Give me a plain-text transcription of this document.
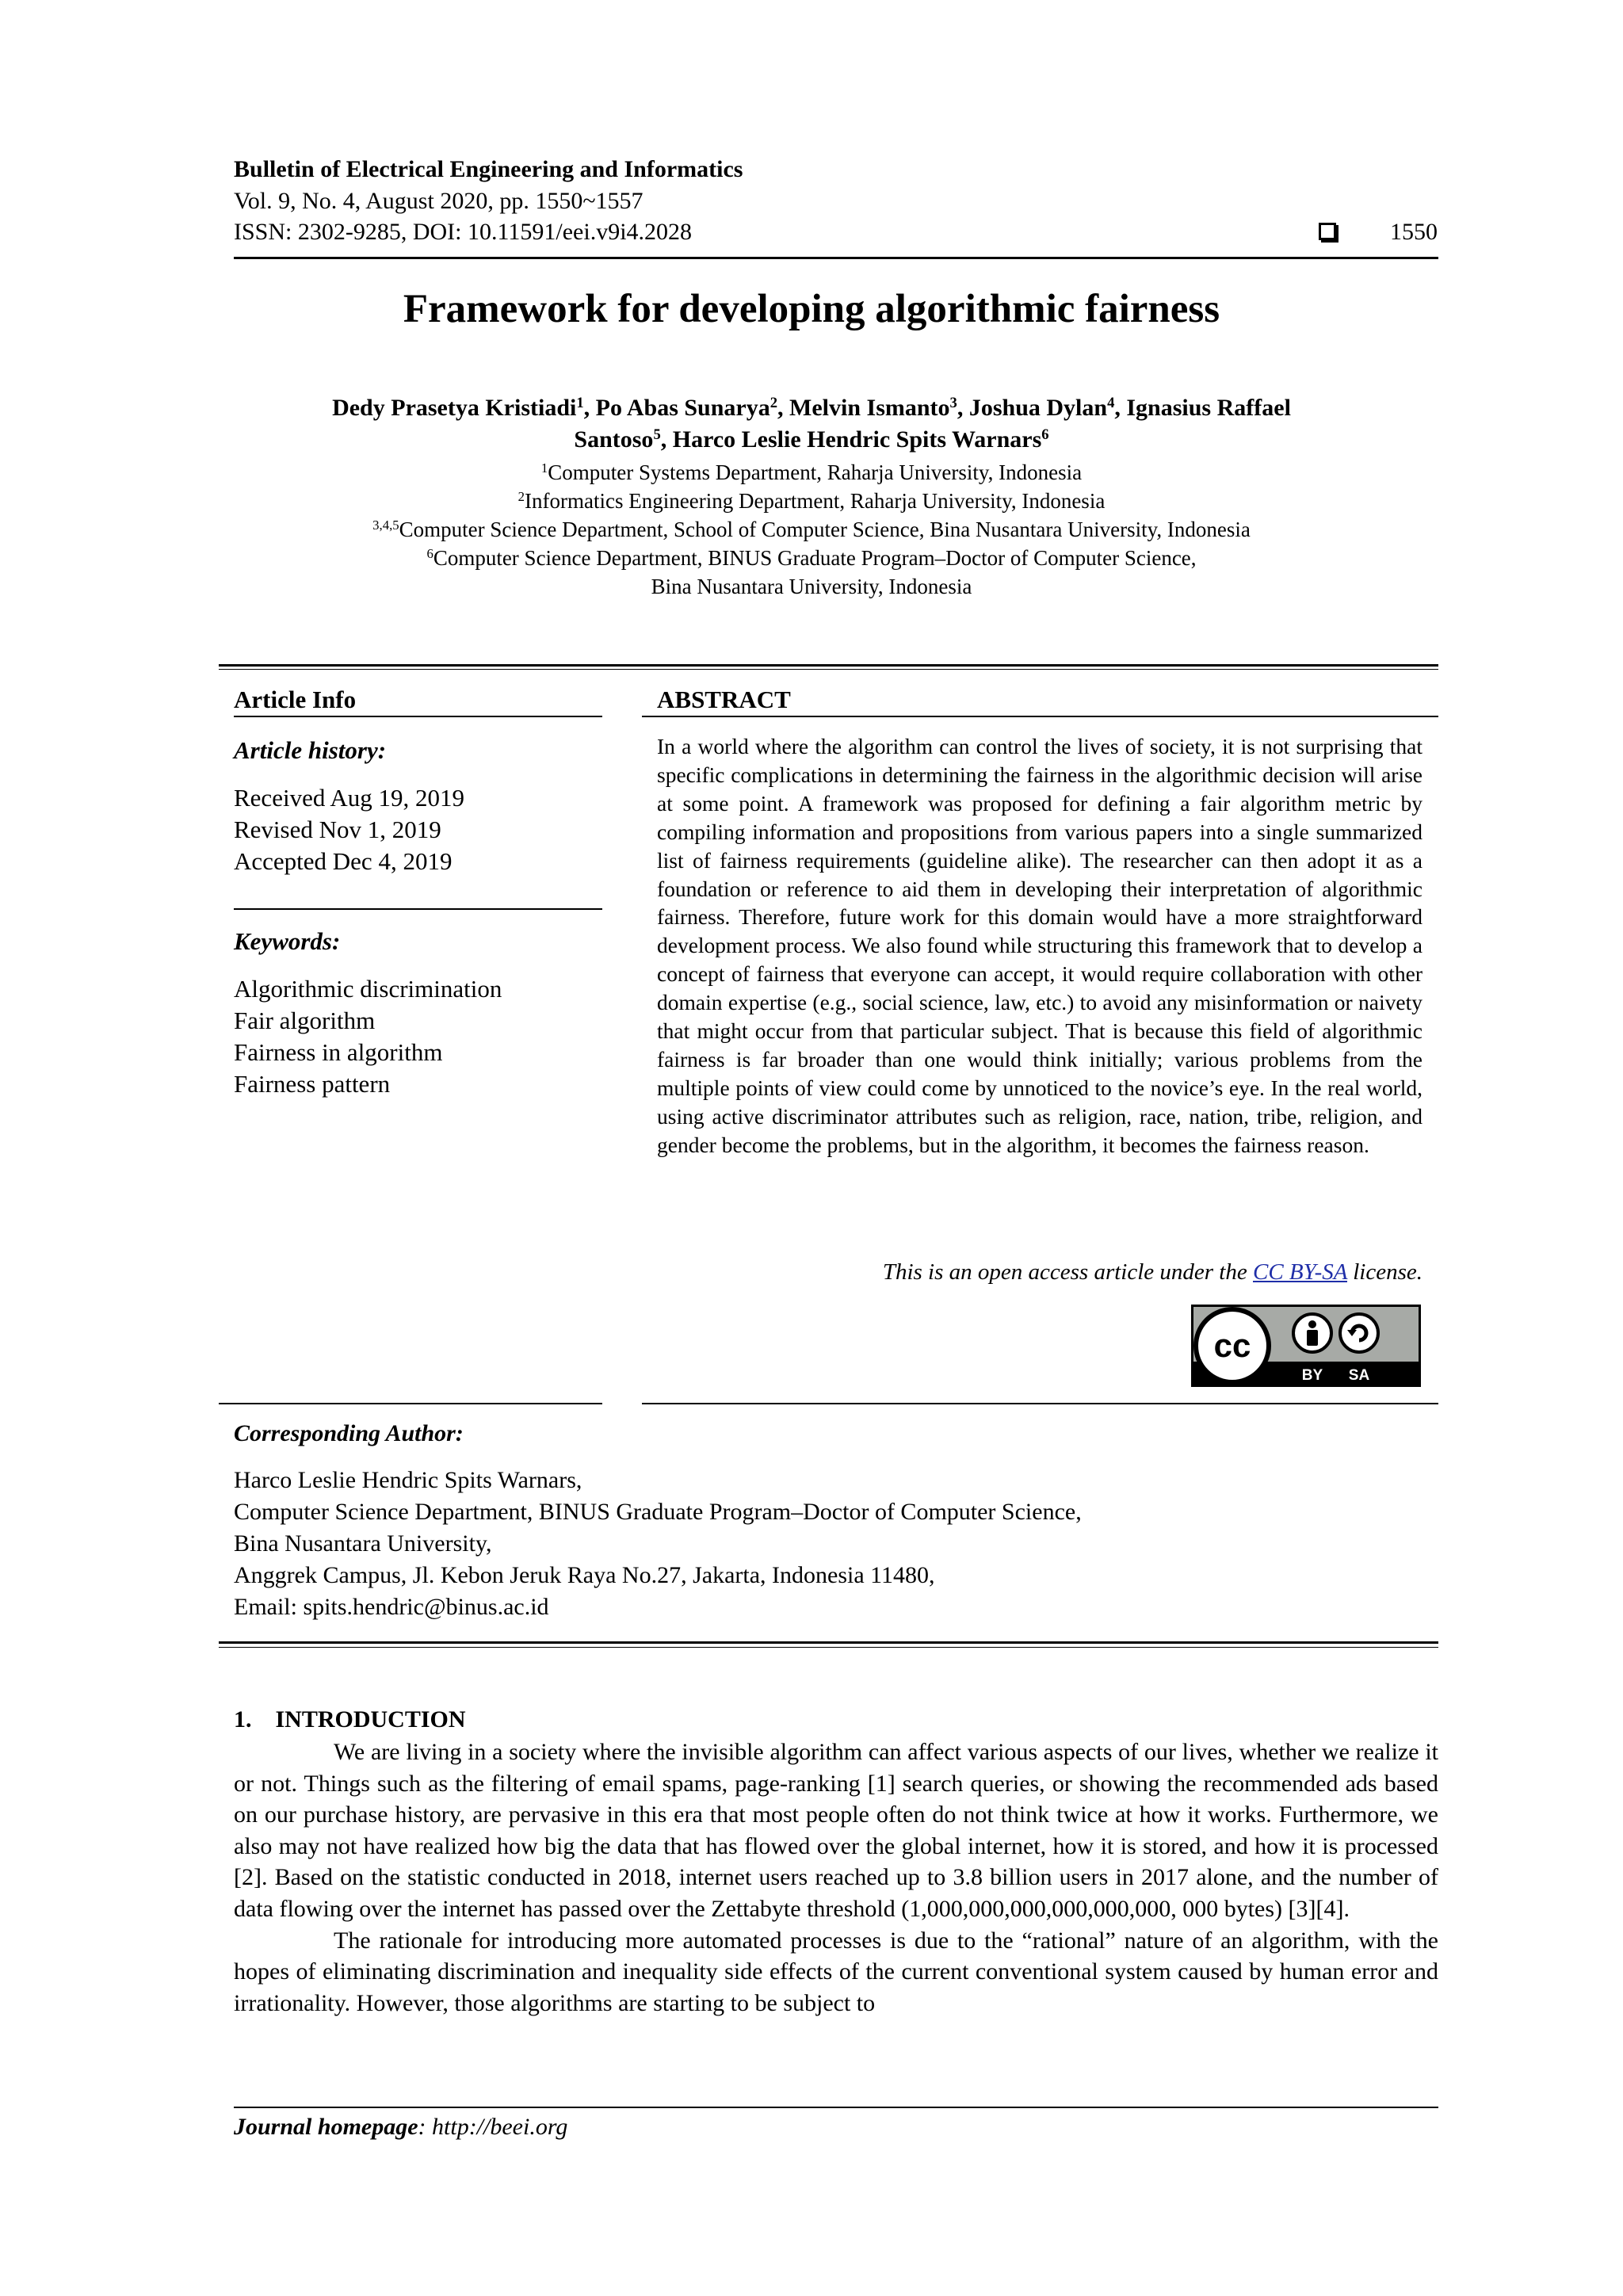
Bulletin of Electrical Engineering and Informatics
Vol. 9, No. 4, August 2020, pp. 1550~1557
ISSN: 2302-9285, DOI: 10.11591/eei.v9i4.2028	1550
Framework for developing algorithmic fairness
Dedy Prasetya Kristiadi$^1$, Po Abas Sunarya$^2$, Melvin Ismanto$^3$, Joshua Dylan$^4$, Ignasius Raffael
Santoso$^5$, Harco Leslie Hendric Spits Warnars$^6$
$^1$Computer Systems Department, Raharja University, Indonesia
$^2$Informatics Engineering Department, Raharja University, Indonesia
$^{3,4,5}$Computer Science Department, School of Computer Science, Bina Nusantara University, Indonesia
$^6$Computer Science Department, BINUS Graduate Program–Doctor of Computer Science,
Bina Nusantara University, Indonesia
Article Info	ABSTRACT
Article history:
Received Aug 19, 2019
Revised Nov 1, 2019
Accepted Dec 4, 2019
Keywords:
Algorithmic discrimination
Fair algorithm
Fairness in algorithm
Fairness pattern
In a world where the algorithm can control the lives of society, it is not surprising that specific complications in determining the fairness in the algorithmic decision will arise at some point. A framework was proposed for defining a fair algorithm metric by compiling information and propositions from various papers into a single summarized list of fairness requirements (guideline alike). The researcher can then adopt it as a foundation or reference to aid them in developing their interpretation of algorithmic fairness. Therefore, future work for this domain would have a more straightforward development process. We also found while structuring this framework that to develop a concept of fairness that everyone can accept, it would require collaboration with other domain expertise (e.g., social science, law, etc.) to avoid any misinformation or naivety that might occur from that particular subject. That is because this field of algorithmic fairness is far broader than one would think initially; various problems from the multiple points of view could come by unnoticed to the novice’s eye. In the real world, using active discriminator attributes such as religion, race, nation, tribe, religion, and gender become the problems, but in the algorithm, it becomes the fairness reason.
This is an open access article under the CC BY-SA license.
cc
BY SA
Corresponding Author:
Harco Leslie Hendric Spits Warnars,
Computer Science Department, BINUS Graduate Program–Doctor of Computer Science,
Bina Nusantara University,
Anggrek Campus, Jl. Kebon Jeruk Raya No.27, Jakarta, Indonesia 11480,
Email: spits.hendric@binus.ac.id
1.    INTRODUCTION

We are living in a society where the invisible algorithm can affect various aspects of our lives, whether we realize it or not. Things such as the filtering of email spams, page-ranking [1] search queries, or showing the recommended ads based on our purchase history, are pervasive in this era that most people often do not think twice at how it works. Furthermore, we also may not have realized how big the data that has flowed over the global internet, how it is stored, and how it is processed [2]. Based on the statistic conducted in 2018, internet users reached up to 3.8 billion users in 2017 alone, and the number of data flowing over the internet has passed over the Zettabyte threshold (1,000,000,000,000,000,000, 000 bytes) [3][4].

The rationale for introducing more automated processes is due to the “rational” nature of an algorithm, with the hopes of eliminating discrimination and inequality side effects of the current conventional system caused by human error and irrationality. However, those algorithms are starting to be subject to

Journal homepage: http://beei.org
